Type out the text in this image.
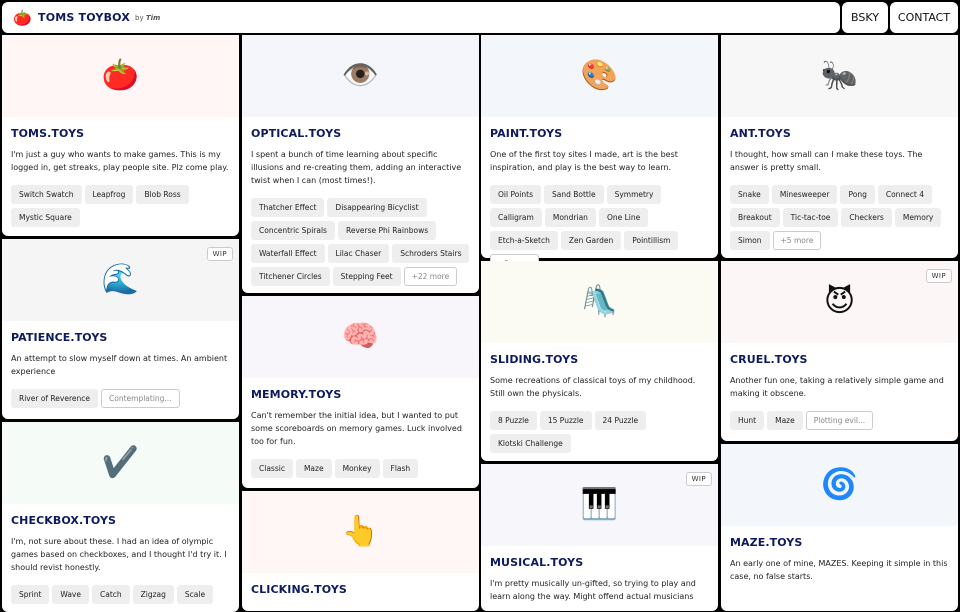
🍅 TOMS TOYBOX by Tim	BSKY	CONTACT
🍅
TOMS.TOYS

I'm just a guy who wants to make games. This is my logged in, get streaks, play people site. Plz come play.

Switch Swatch	Leapfrog	Blob Ross
Mystic Square
🌊
WIP
PATIENCE.TOYS

An attempt to slow myself down at times. An ambient experience

River of Reverence	Contemplating...
✔️
CHECKBOX.TOYS

I'm, not sure about these. I had an idea of olympic games based on checkboxes, and I thought I'd try it. I should revist honestly.

Sprint	Wave	Catch	Zigzag	Scale
👁️
OPTICAL.TOYS

I spent a bunch of time learning about specific illusions and re-creating them, adding an interactive twist when I can (most times!).

Thatcher Effect	Disappearing Bicyclist
Concentric Spirals	Reverse Phi Rainbows
Waterfall Effect	Lilac Chaser	Schroders Stairs
Titchener Circles	Stepping Feet	+22 more
🧠
MEMORY.TOYS

Can't remember the initial idea, but I wanted to put some scoreboards on memory games. Luck involved too for fun.

Classic	Maze	Monkey	Flash
👆
CLICKING.TOYS
🎨
PAINT.TOYS

One of the first toy sites I made, art is the best inspiration, and play is the best way to learn.

Oil Points	Sand Bottle	Symmetry
Calligram	Mondrian	One Line
Etch-a-Sketch	Zen Garden	Pointillism
🛝
SLIDING.TOYS

Some recreations of classical toys of my childhood. Still own the physicals.

8 Puzzle	15 Puzzle	24 Puzzle
Klotski Challenge
🎹
WIP
MUSICAL.TOYS

I'm pretty musically un-gifted, so trying to play and learn along the way. Might offend actual musicians

🐜
ANT.TOYS

I thought, how small can I make these toys. The answer is pretty small.

Snake	Minesweeper	Pong	Connect 4
Breakout	Tic-tac-toe	Checkers	Memory
Simon	+5 more
😈
WIP
CRUEL.TOYS

Another fun one, taking a relatively simple game and making it obscene.

Hunt	Maze	Plotting evil...
🌀
MAZE.TOYS

An early one of mine, MAZES. Keeping it simple in this case, no false starts.
